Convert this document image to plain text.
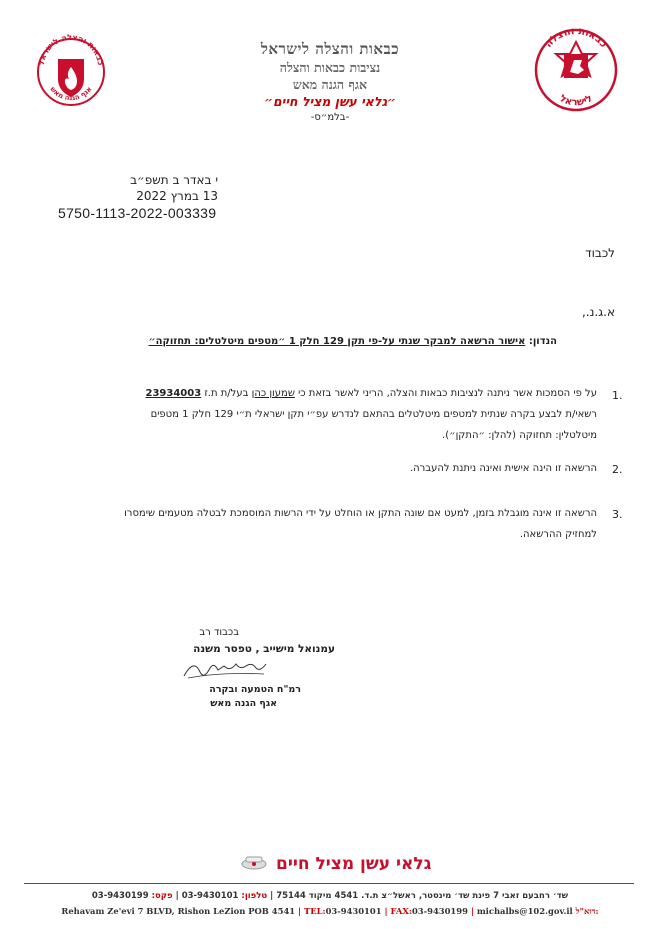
כבאות והצלה לישראל
אגף הגנה מאש
כבאות והצלה
לישראל
כבאות והצלה לישראל
נציבות כבאות והצלה
אגף הגנה מאש
״גלאי עשן מציל חיים״
-בלמ״ס-
י באדר ב תשפ״ב
13 במרץ 2022
5750-1113-2022-003339
לכבוד
א.ג.נ.,
הנדון: אישור הרשאה למבקר שנתי על-פי תקן 129 חלק 1 ״מטפים מיטלטלים: תחזוקה״
1.
על פי הסמכות אשר ניתנה לנציבות כבאות והצלה, הריני לאשר בזאת כי שמעון כהן בעל/ת ת.ז 23934003
רשאי/ת לבצע בקרה שנתית למטפים מיטלטלים בהתאם לנדרש עפ״י תקן ישראלי ת״י 129 חלק 1 מטפים
מיטלטלין: תחזוקה (להלן: ״התקן״).
2.
הרשאה זו הינה אישית ואינה ניתנת להעברה.
3.
הרשאה זו אינה מוגבלת בזמן, למעט אם שונה התקן או הוחלט על ידי הרשות המוסמכת לבטלה מטעמים שימסרו
למחזיק ההרשאה.
בכבוד רב
עמנואל מישייב , טפסר משנה
רמ"ח הטמעה ובקרה
אגף הגנה מאש
גלאי עשן מציל חיים
שד׳ רחבעם זאבי 7 פינת שד׳ מינסטר, ראשל״צ ת.ד. 4541 מיקוד 75144 | טלפון: 03-9430101 | פקס: 03-9430199
Rehavam Ze'evi 7 BLVD, Rishon LeZion POB 4541 | TEL:03-9430101 | FAX:03-9430199 | michalbs@102.gov.il דוא"ל:
